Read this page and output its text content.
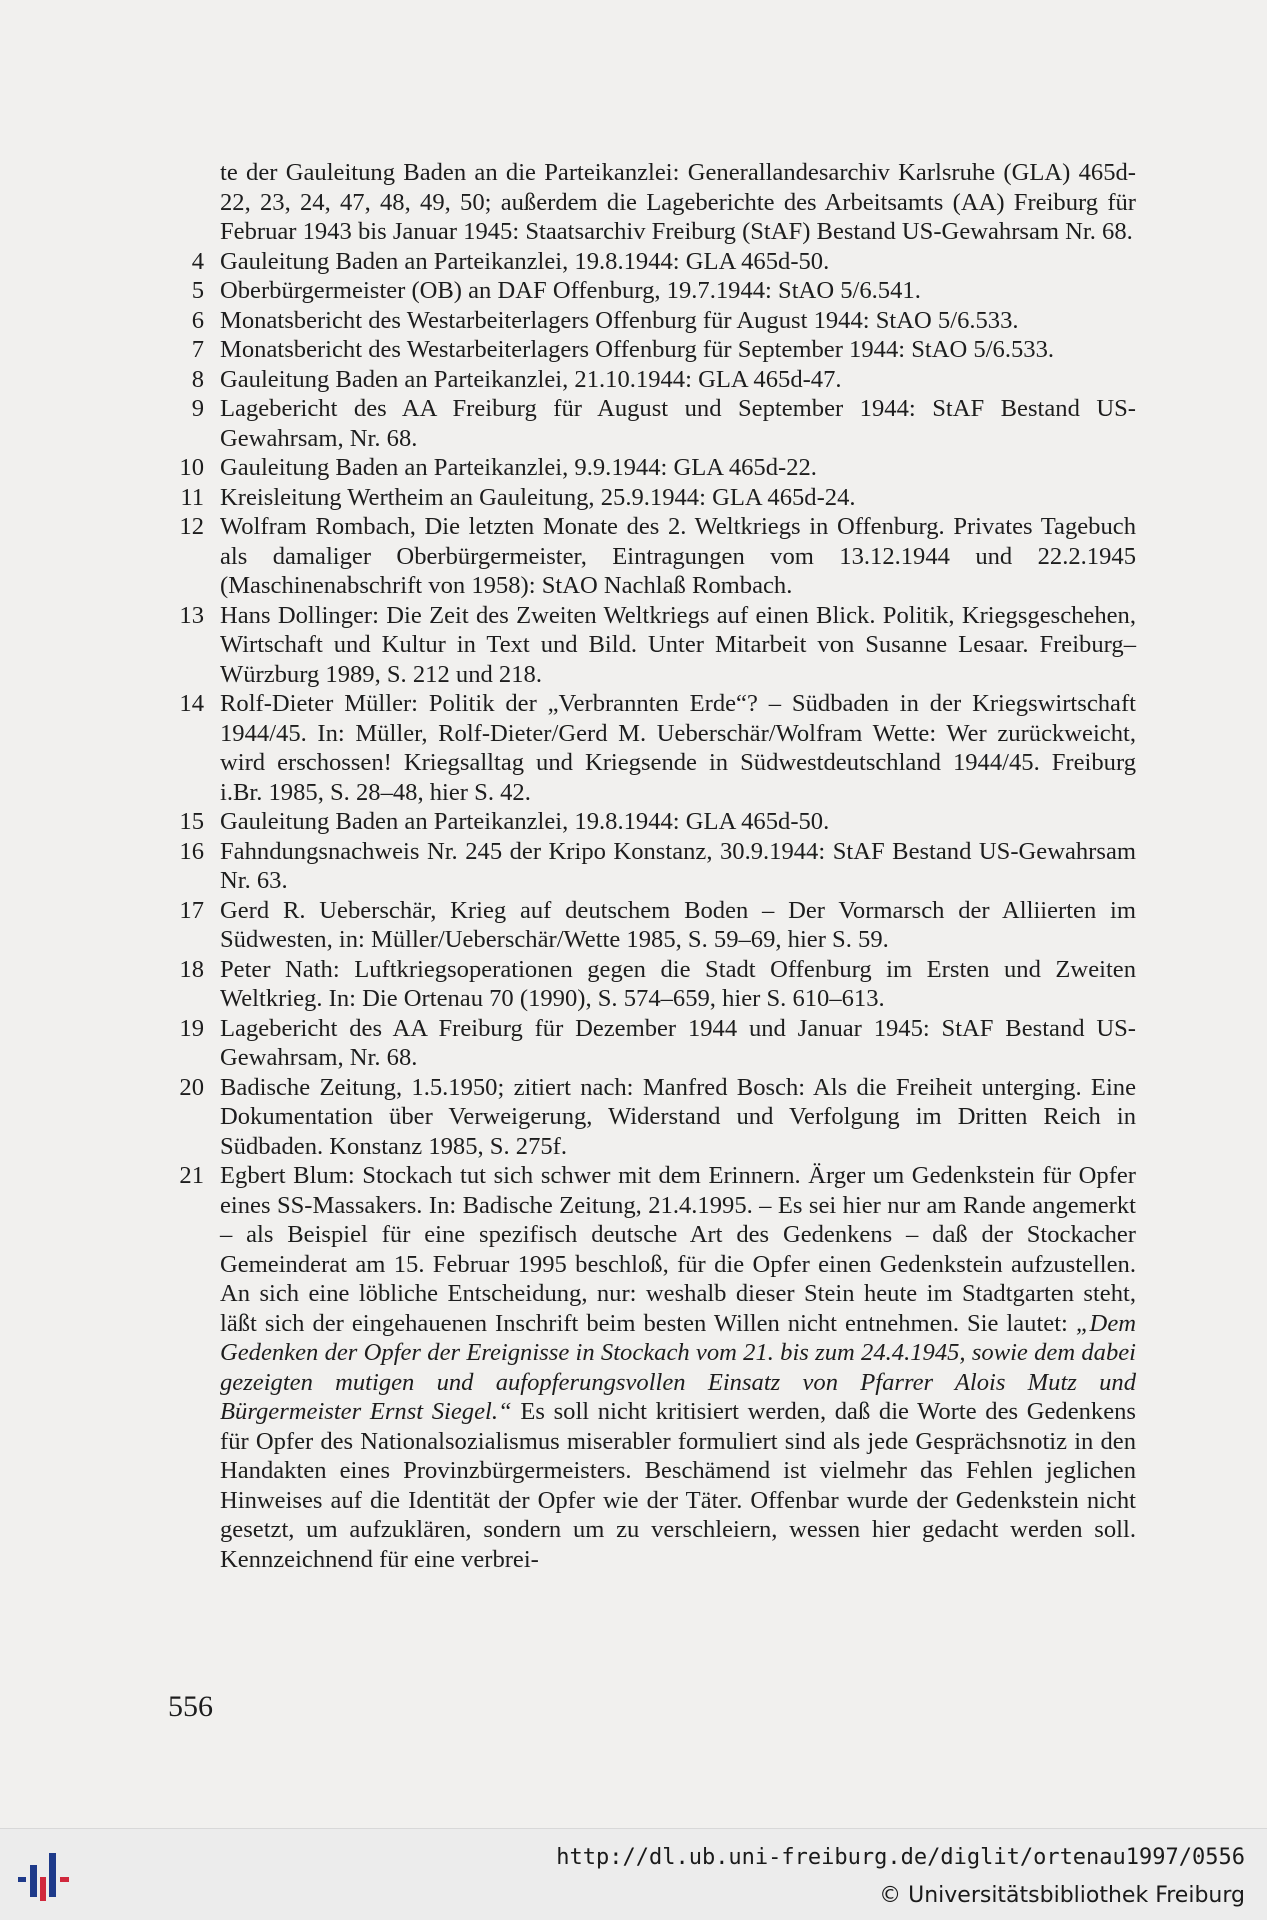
te der Gauleitung Baden an die Parteikanzlei: Generallandesarchiv Karlsruhe (GLA) 465d-22, 23, 24, 47, 48, 49, 50; außerdem die Lageberichte des Arbeitsamts (AA) Freiburg für Februar 1943 bis Januar 1945: Staatsarchiv Freiburg (StAF) Bestand US-Gewahrsam Nr. 68.
4 Gauleitung Baden an Parteikanzlei, 19.8.1944: GLA 465d-50.
5 Oberbürgermeister (OB) an DAF Offenburg, 19.7.1944: StAO 5/6.541.
6 Monatsbericht des Westarbeiterlagers Offenburg für August 1944: StAO 5/6.533.
7 Monatsbericht des Westarbeiterlagers Offenburg für September 1944: StAO 5/6.533.
8 Gauleitung Baden an Parteikanzlei, 21.10.1944: GLA 465d-47.
9 Lagebericht des AA Freiburg für August und September 1944: StAF Bestand US-Gewahrsam, Nr. 68.
10 Gauleitung Baden an Parteikanzlei, 9.9.1944: GLA 465d-22.
11 Kreisleitung Wertheim an Gauleitung, 25.9.1944: GLA 465d-24.
12 Wolfram Rombach, Die letzten Monate des 2. Weltkriegs in Offenburg. Privates Tagebuch als damaliger Oberbürgermeister, Eintragungen vom 13.12.1944 und 22.2.1945 (Maschinenabschrift von 1958): StAO Nachlaß Rombach.
13 Hans Dollinger: Die Zeit des Zweiten Weltkriegs auf einen Blick. Politik, Kriegsgeschehen, Wirtschaft und Kultur in Text und Bild. Unter Mitarbeit von Susanne Lesaar. Freiburg–Würzburg 1989, S. 212 und 218.
14 Rolf-Dieter Müller: Politik der „Verbrannten Erde“? – Südbaden in der Kriegswirtschaft 1944/45. In: Müller, Rolf-Dieter/Gerd M. Ueberschär/Wolfram Wette: Wer zurückweicht, wird erschossen! Kriegsalltag und Kriegsende in Südwestdeutschland 1944/45. Freiburg i.Br. 1985, S. 28–48, hier S. 42.
15 Gauleitung Baden an Parteikanzlei, 19.8.1944: GLA 465d-50.
16 Fahndungsnachweis Nr. 245 der Kripo Konstanz, 30.9.1944: StAF Bestand US-Gewahrsam Nr. 63.
17 Gerd R. Ueberschär, Krieg auf deutschem Boden – Der Vormarsch der Alliierten im Südwesten, in: Müller/Ueberschär/Wette 1985, S. 59–69, hier S. 59.
18 Peter Nath: Luftkriegsoperationen gegen die Stadt Offenburg im Ersten und Zweiten Weltkrieg. In: Die Ortenau 70 (1990), S. 574–659, hier S. 610–613.
19 Lagebericht des AA Freiburg für Dezember 1944 und Januar 1945: StAF Bestand US-Gewahrsam, Nr. 68.
20 Badische Zeitung, 1.5.1950; zitiert nach: Manfred Bosch: Als die Freiheit unterging. Eine Dokumentation über Verweigerung, Widerstand und Verfolgung im Dritten Reich in Südbaden. Konstanz 1985, S. 275f.
21 Egbert Blum: Stockach tut sich schwer mit dem Erinnern. Ärger um Gedenkstein für Opfer eines SS-Massakers. In: Badische Zeitung, 21.4.1995. – Es sei hier nur am Rande angemerkt – als Beispiel für eine spezifisch deutsche Art des Gedenkens – daß der Stockacher Gemeinderat am 15. Februar 1995 beschloß, für die Opfer einen Gedenkstein aufzustellen. An sich eine löbliche Entscheidung, nur: weshalb dieser Stein heute im Stadtgarten steht, läßt sich der eingehauenen Inschrift beim besten Willen nicht entnehmen. Sie lautet: „Dem Gedenken der Opfer der Ereignisse in Stockach vom 21. bis zum 24.4.1945, sowie dem dabei gezeigten mutigen und aufopferungsvollen Einsatz von Pfarrer Alois Mutz und Bürgermeister Ernst Siegel.“ Es soll nicht kritisiert werden, daß die Worte des Gedenkens für Opfer des Nationalsozialismus miserabler formuliert sind als jede Gesprächsnotiz in den Handakten eines Provinzbürgermeisters. Beschämend ist vielmehr das Fehlen jeglichen Hinweises auf die Identität der Opfer wie der Täter. Offenbar wurde der Gedenkstein nicht gesetzt, um aufzuklären, sondern um zu verschleiern, wessen hier gedacht werden soll. Kennzeichnend für eine verbrei-
556
http://dl.ub.uni-freiburg.de/diglit/ortenau1997/0556
© Universitätsbibliothek Freiburg
